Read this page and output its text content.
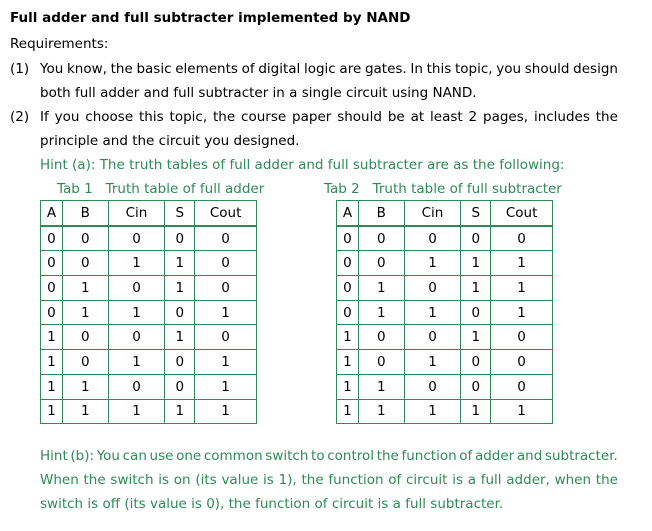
Full adder and full subtracter implemented by NAND
Requirements:
(1) You know, the basic elements of digital logic are gates. In this topic, you should design
both full adder and full subtracter in a single circuit using NAND.
(2) If you choose this topic, the course paper should be at least 2 pages, includes the
principle and the circuit you designed.
Hint (a): The truth tables of full adder and full subtracter are as the following:
Tab 1   Truth table of full adder	Tab 2   Truth table of full subtracter
A	B	Cin	S	Cout
0	0	0	0	0
0	0	1	1	0
0	1	0	1	0
0	1	1	0	1
1	0	0	1	0
1	0	1	0	1
1	1	0	0	1
1	1	1	1	1
A	B	Cin	S	Cout
0	0	0	0	0
0	0	1	1	1
0	1	0	1	1
0	1	1	0	1
1	0	0	1	0
1	0	1	0	0
1	1	0	0	0
1	1	1	1	1
Hint (b): You can use one common switch to control the function of adder and subtracter.
When the switch is on (its value is 1), the function of circuit is a full adder, when the
switch is off (its value is 0), the function of circuit is a full subtracter.
